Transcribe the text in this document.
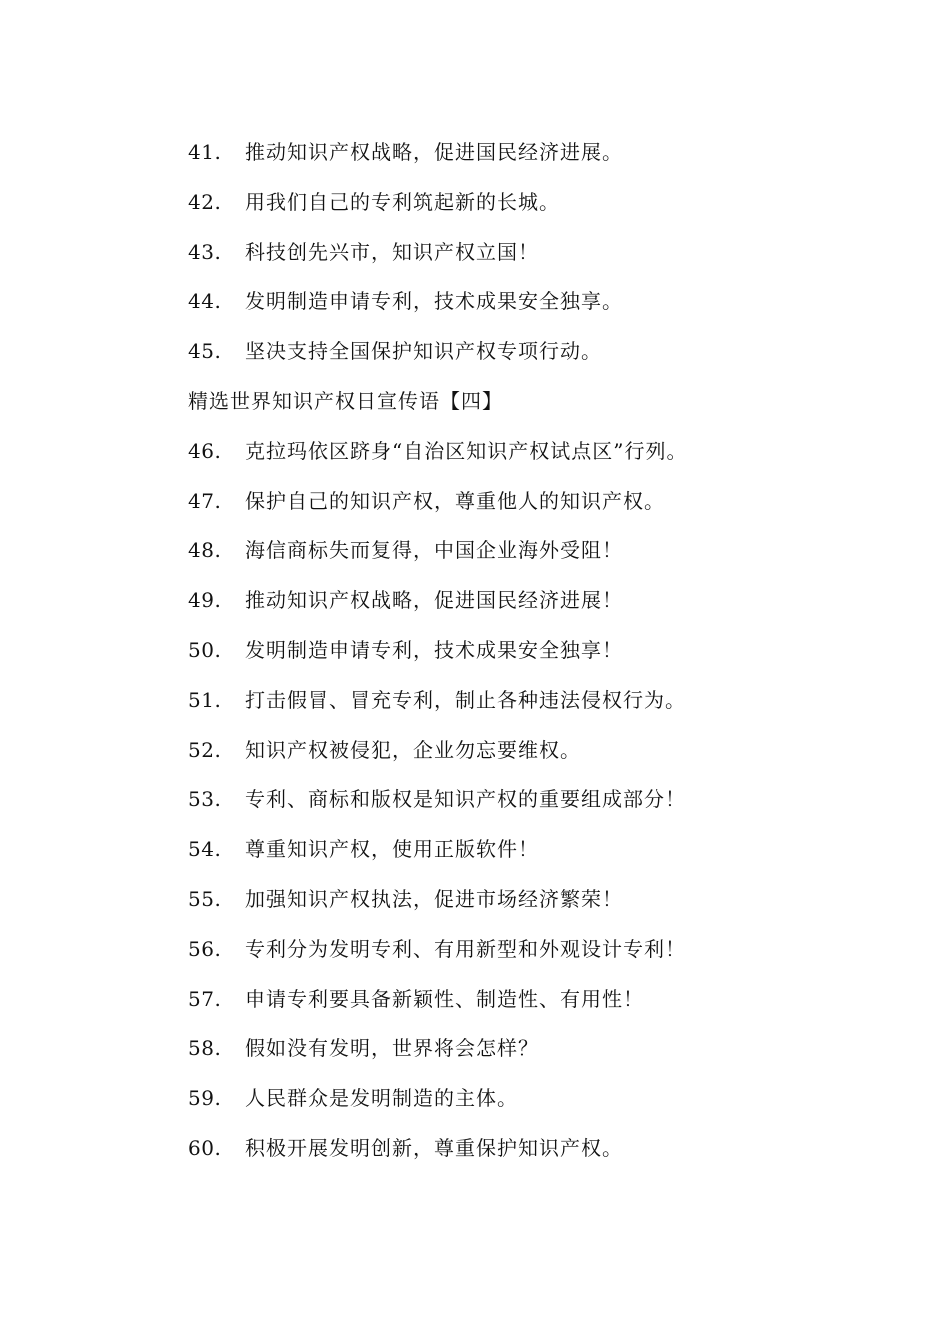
41.	推动知识产权战略，促进国民经济进展。
42.	用我们自己的专利筑起新的长城。
43.	科技创先兴市，知识产权立国！
44.	发明制造申请专利，技术成果安全独享。
45.	坚决支持全国保护知识产权专项行动。
精选世界知识产权日宣传语【四】
46.	克拉玛依区跻身“自治区知识产权试点区”行列。
47.	保护自己的知识产权，尊重他人的知识产权。
48.	海信商标失而复得，中国企业海外受阻！
49.	推动知识产权战略，促进国民经济进展！
50.	发明制造申请专利，技术成果安全独享！
51.	打击假冒、冒充专利，制止各种违法侵权行为。
52.	知识产权被侵犯，企业勿忘要维权。
53.	专利、商标和版权是知识产权的重要组成部分！
54.	尊重知识产权，使用正版软件！
55.	加强知识产权执法，促进市场经济繁荣！
56.	专利分为发明专利、有用新型和外观设计专利！
57.	申请专利要具备新颖性、制造性、有用性！
58.	假如没有发明，世界将会怎样？
59.	人民群众是发明制造的主体。
60.	积极开展发明创新，尊重保护知识产权。
